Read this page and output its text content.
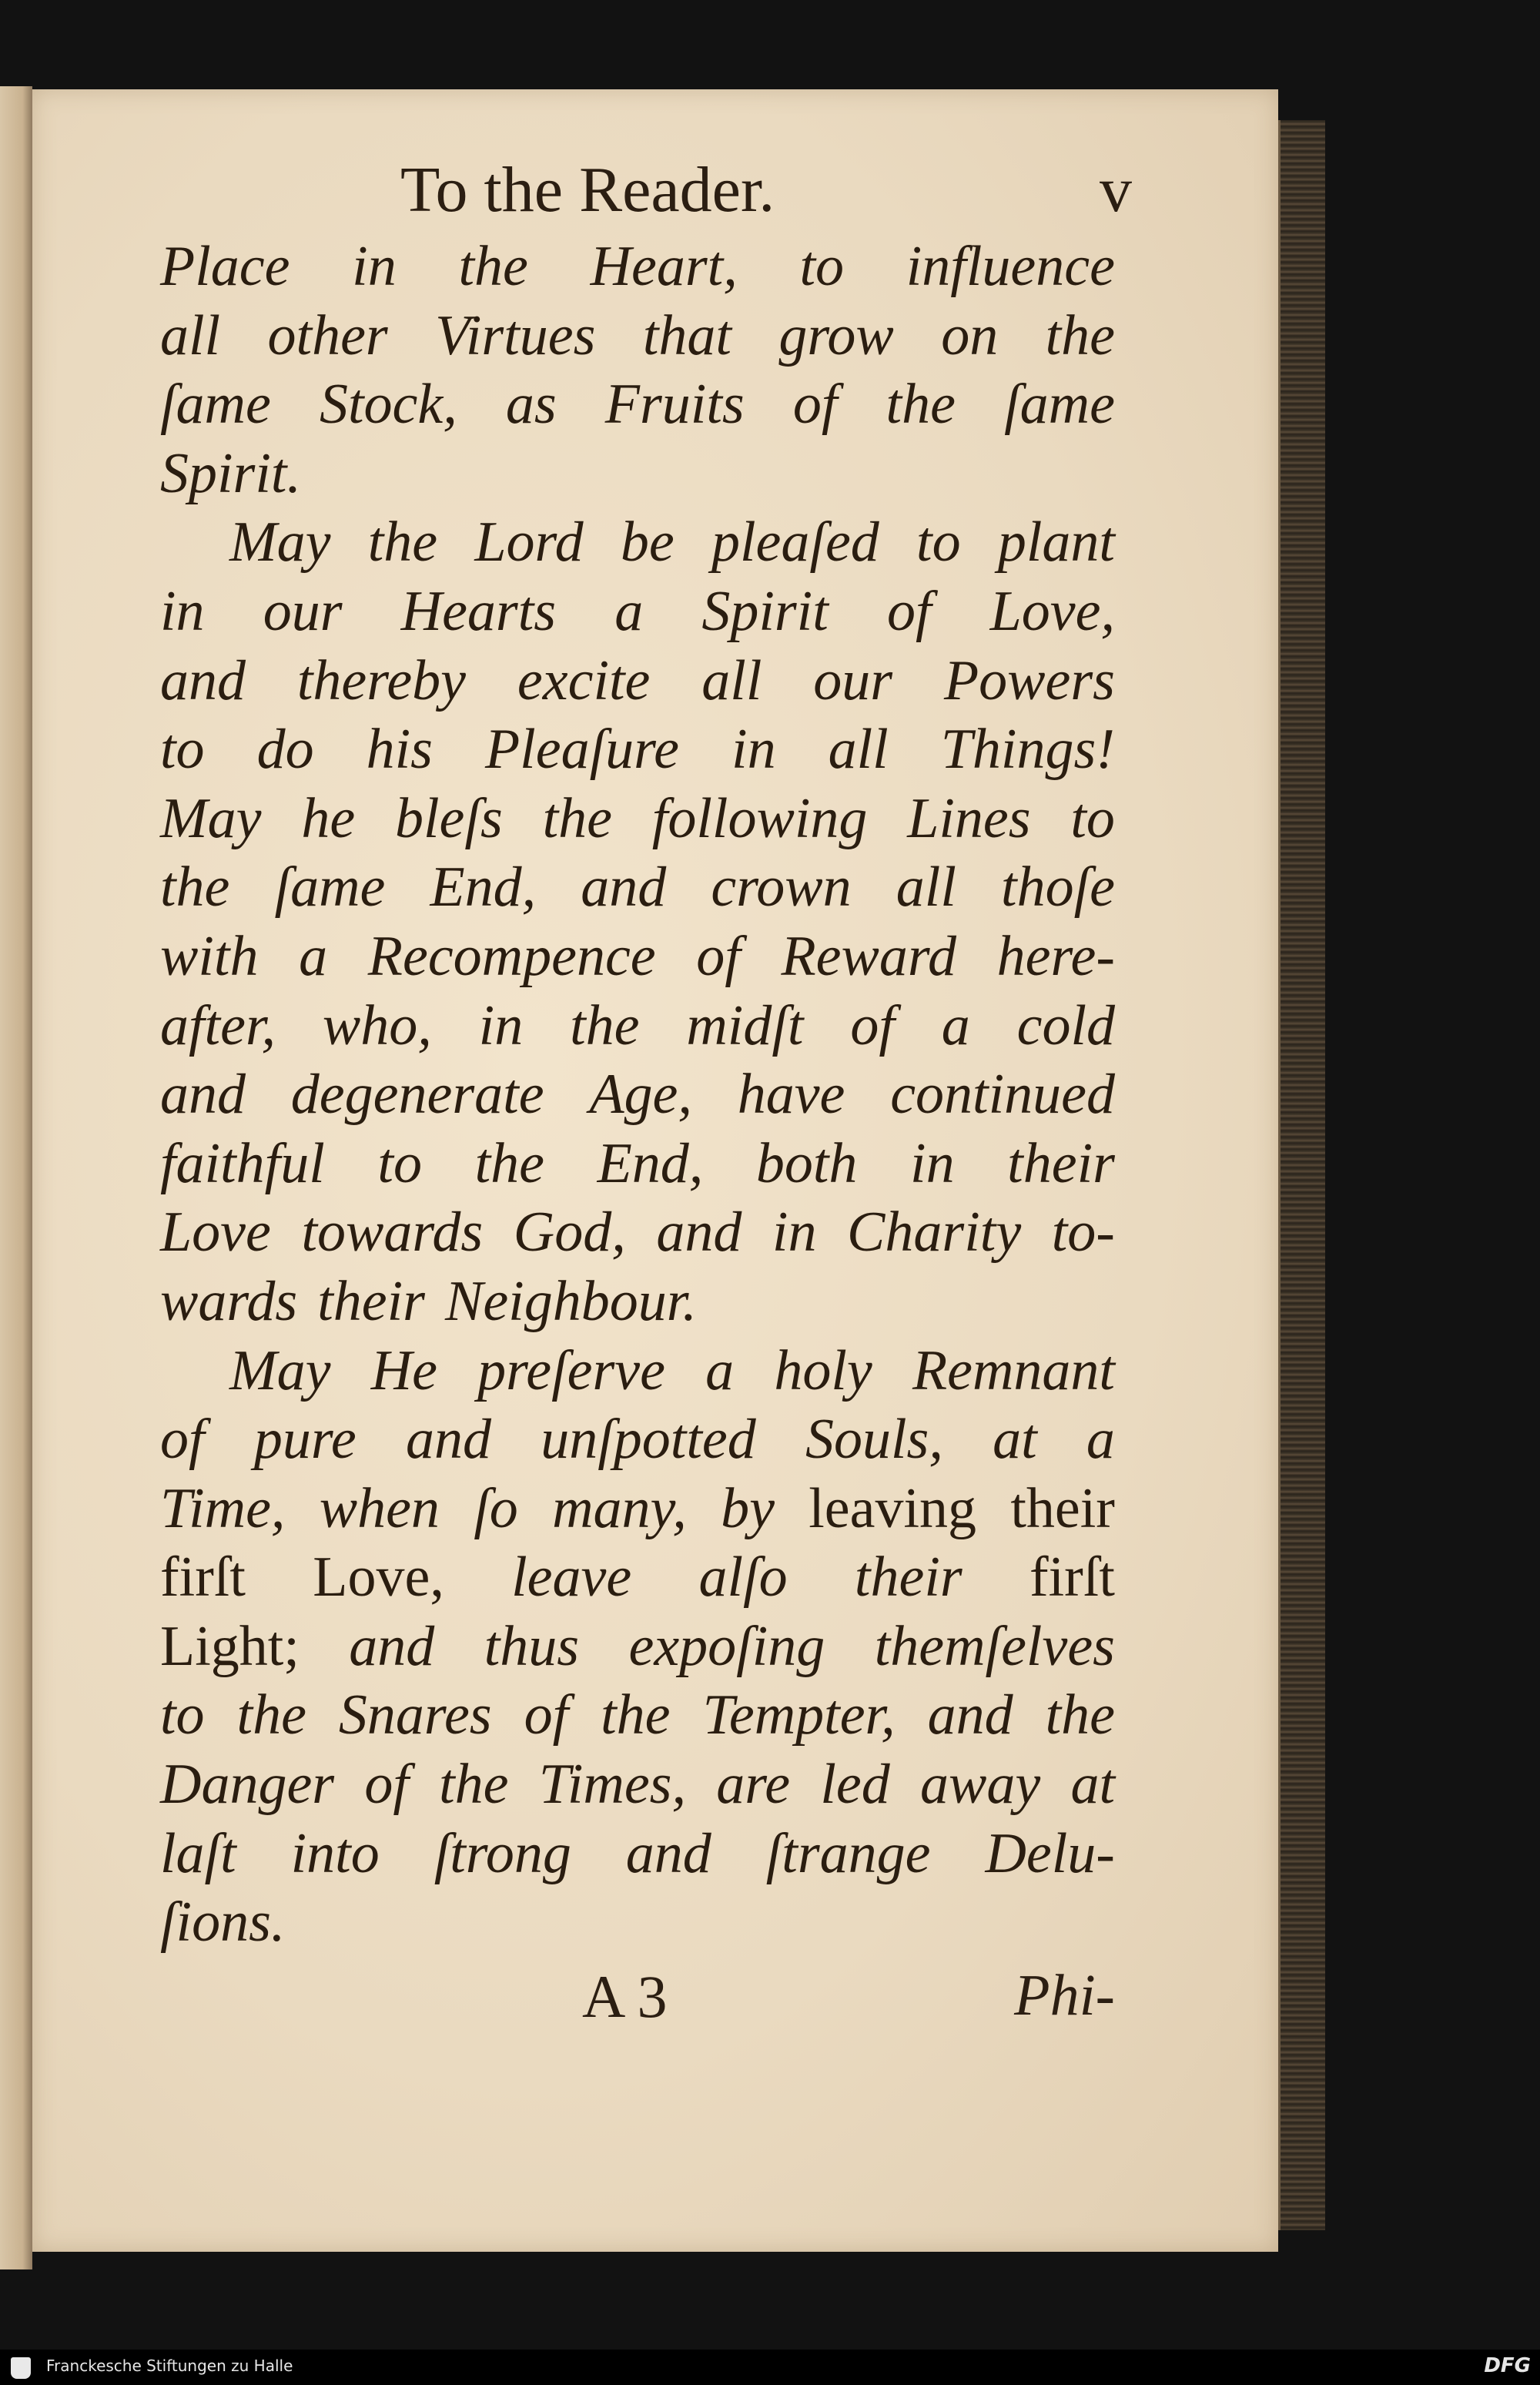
To the Reader.	v
Place in the Heart, to influence
all other Virtues that grow on the
ſame Stock, as Fruits of the ſame
Spirit.
May the Lord be pleaſed to plant
in our Hearts a Spirit of Love,
and thereby excite all our Powers
to do his Pleaſure in all Things!
May he bleſs the following Lines to
the ſame End, and crown all thoſe
with a Recompence of Reward here-
after, who, in the midſt of a cold
and degenerate Age, have continued
faithful to the End, both in their
Love towards God, and in Charity to-
wards their Neighbour.
May He preſerve a holy Remnant
of pure and unſpotted Souls, at a
Time, when ſo many, by leaving their
firſt Love, leave alſo their firſt
Light; and thus expoſing themſelves
to the Snares of the Tempter, and the
Danger of the Times, are led away at
laſt into ſtrong and ſtrange Delu-
ſions.
A 3	Phi-
Franckesche Stiftungen zu Halle	DFG
